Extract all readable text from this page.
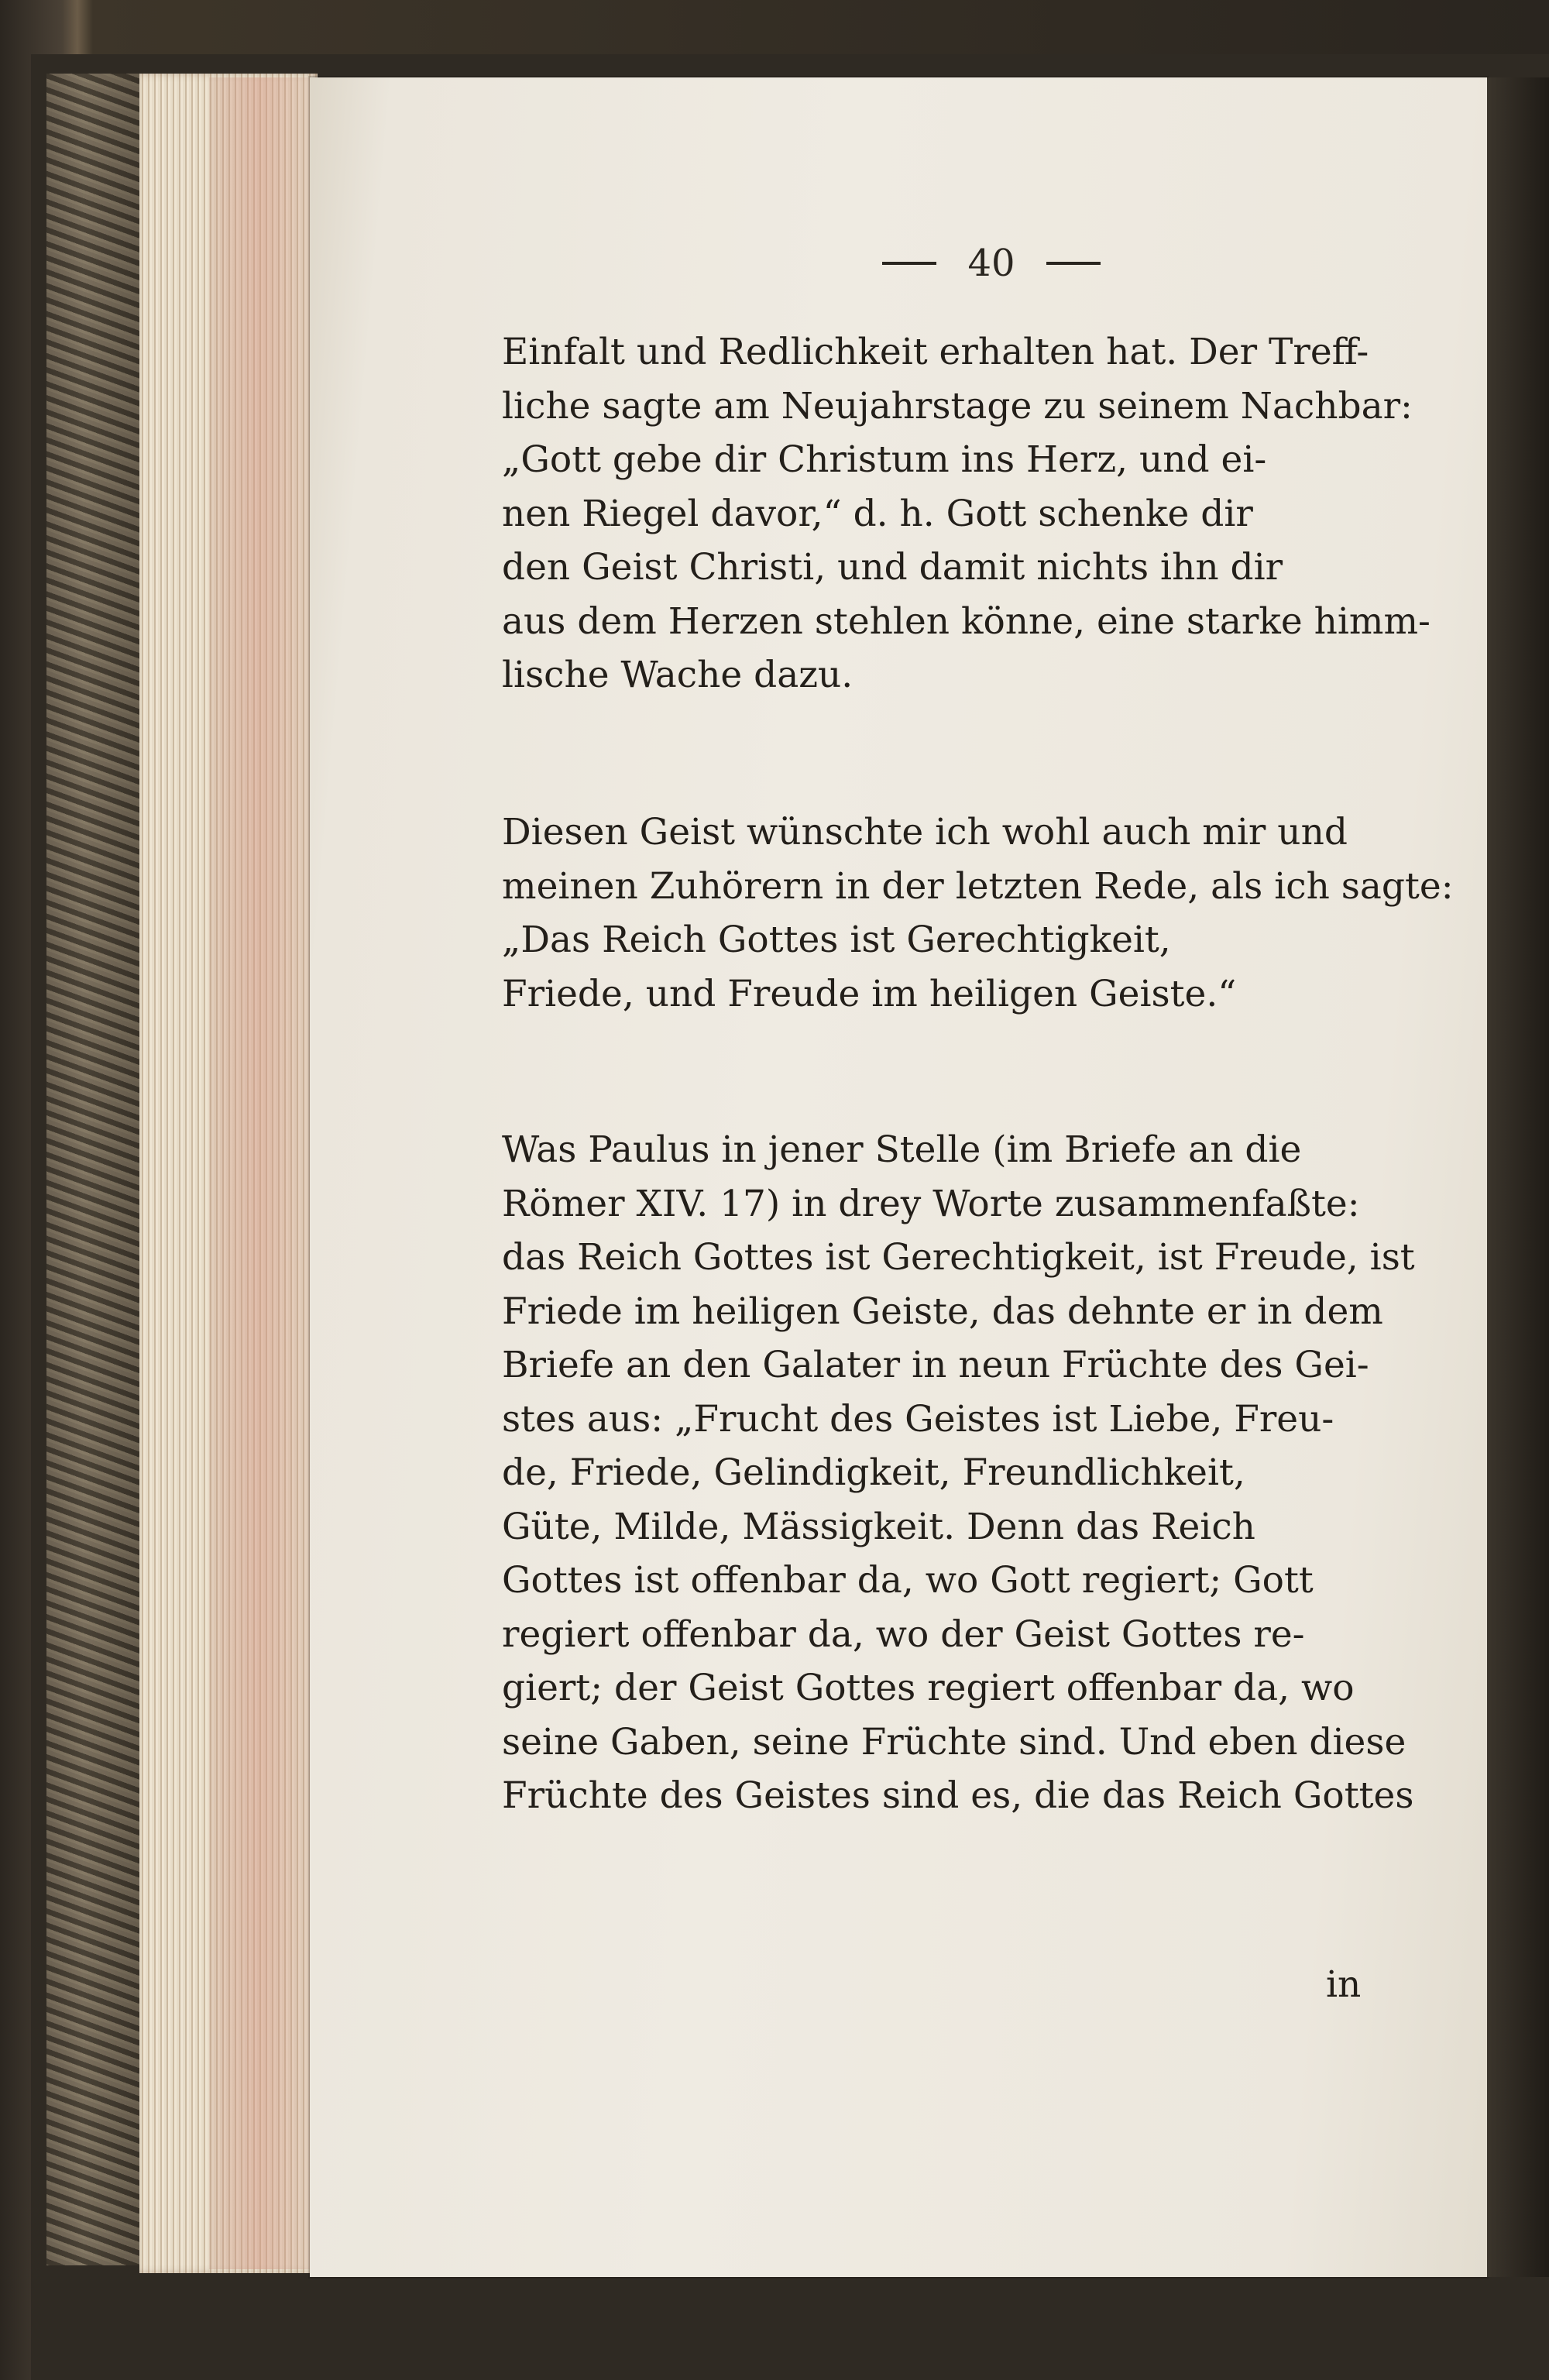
40
Einfalt und Redlichkeit erhalten hat. Der Treff-
liche sagte am Neujahrstage zu seinem Nachbar:
„Gott gebe dir Christum ins Herz, und ei-
nen Riegel davor,“ d. h. Gott schenke dir
den Geist Christi, und damit nichts ihn dir
aus dem Herzen stehlen könne, eine starke himm-
lische Wache dazu.
Diesen Geist wünschte ich wohl auch mir und
meinen Zuhörern in der letzten Rede, als ich sagte:
„Das Reich Gottes ist Gerechtigkeit,
Friede, und Freude im heiligen Geiste.“
Was Paulus in jener Stelle (im Briefe an die
Römer XIV. 17) in drey Worte zusammenfaßte:
das Reich Gottes ist Gerechtigkeit, ist Freude, ist
Friede im heiligen Geiste, das dehnte er in dem
Briefe an den Galater in neun Früchte des Gei-
stes aus: „Frucht des Geistes ist Liebe, Freu-
de, Friede, Gelindigkeit, Freundlichkeit,
Güte, Milde, Mässigkeit. Denn das Reich
Gottes ist offenbar da, wo Gott regiert; Gott
regiert offenbar da, wo der Geist Gottes re-
giert; der Geist Gottes regiert offenbar da, wo
seine Gaben, seine Früchte sind. Und eben diese
Früchte des Geistes sind es, die das Reich Gottes
in
